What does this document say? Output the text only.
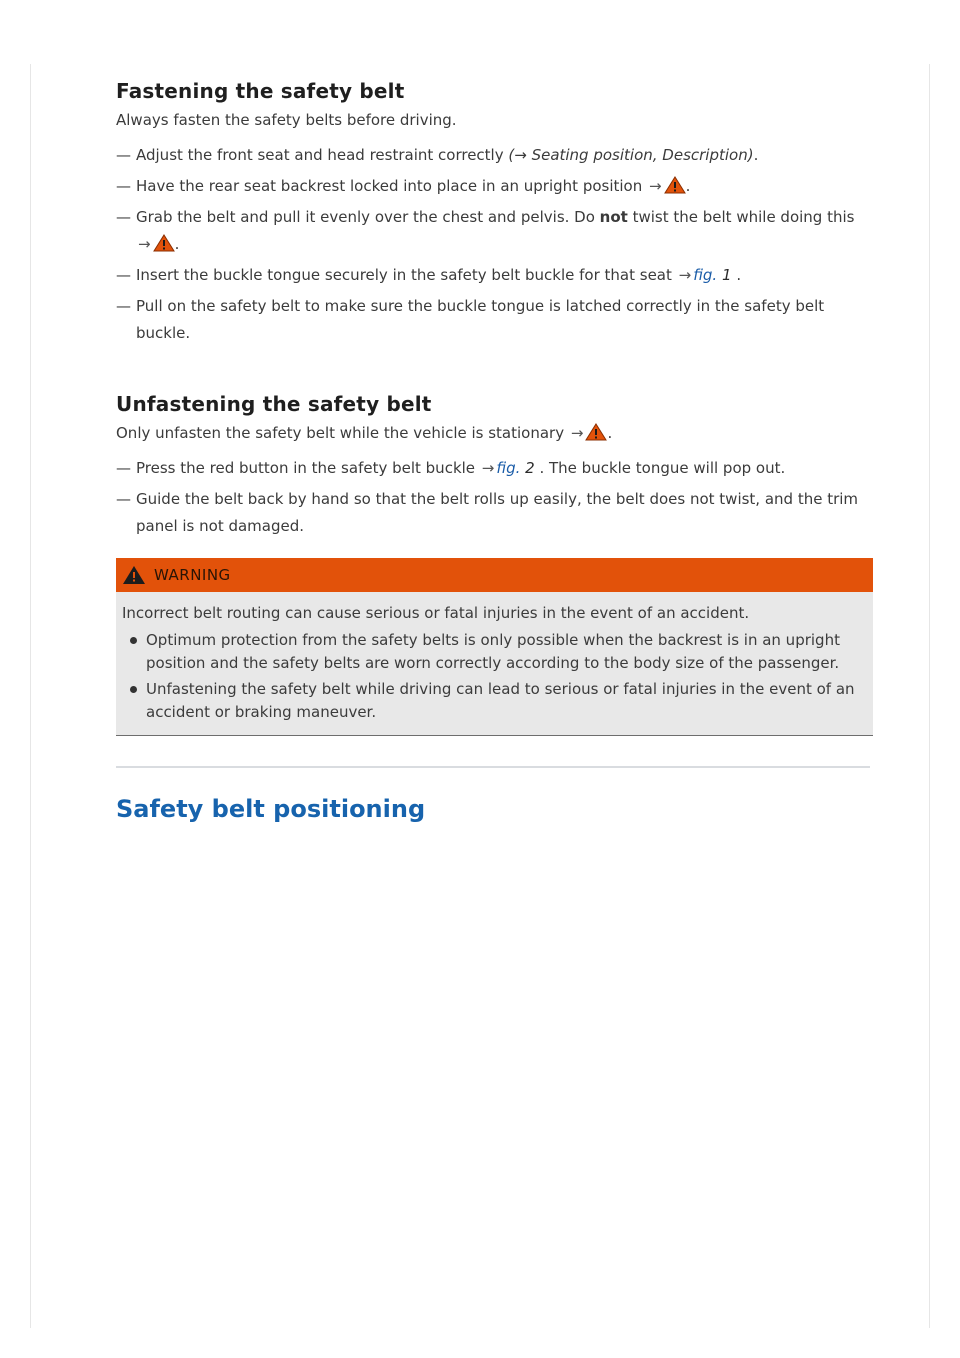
Fastening the safety belt

Always fasten the safety belts before driving.

— Adjust the front seat and head restraint correctly (→ Seating position, Description).
— Have the rear seat backrest locked into place in an upright position → .
— Grab the belt and pull it evenly over the chest and pelvis. Do not twist the belt while doing this → .
— Insert the buckle tongue securely in the safety belt buckle for that seat → fig. 1 .
— Pull on the safety belt to make sure the buckle tongue is latched correctly in the safety belt buckle.
Unfastening the safety belt

Only unfasten the safety belt while the vehicle is stationary → .

— Press the red button in the safety belt buckle → fig. 2 . The buckle tongue will pop out.
— Guide the belt back by hand so that the belt rolls up easily, the belt does not twist, and the trim panel is not damaged.
WARNING
Incorrect belt routing can cause serious or fatal injuries in the event of an accident.
Optimum protection from the safety belts is only possible when the backrest is in an upright position and the safety belts are worn correctly according to the body size of the passenger.
Unfastening the safety belt while driving can lead to serious or fatal injuries in the event of an accident or braking maneuver.
Safety belt positioning
